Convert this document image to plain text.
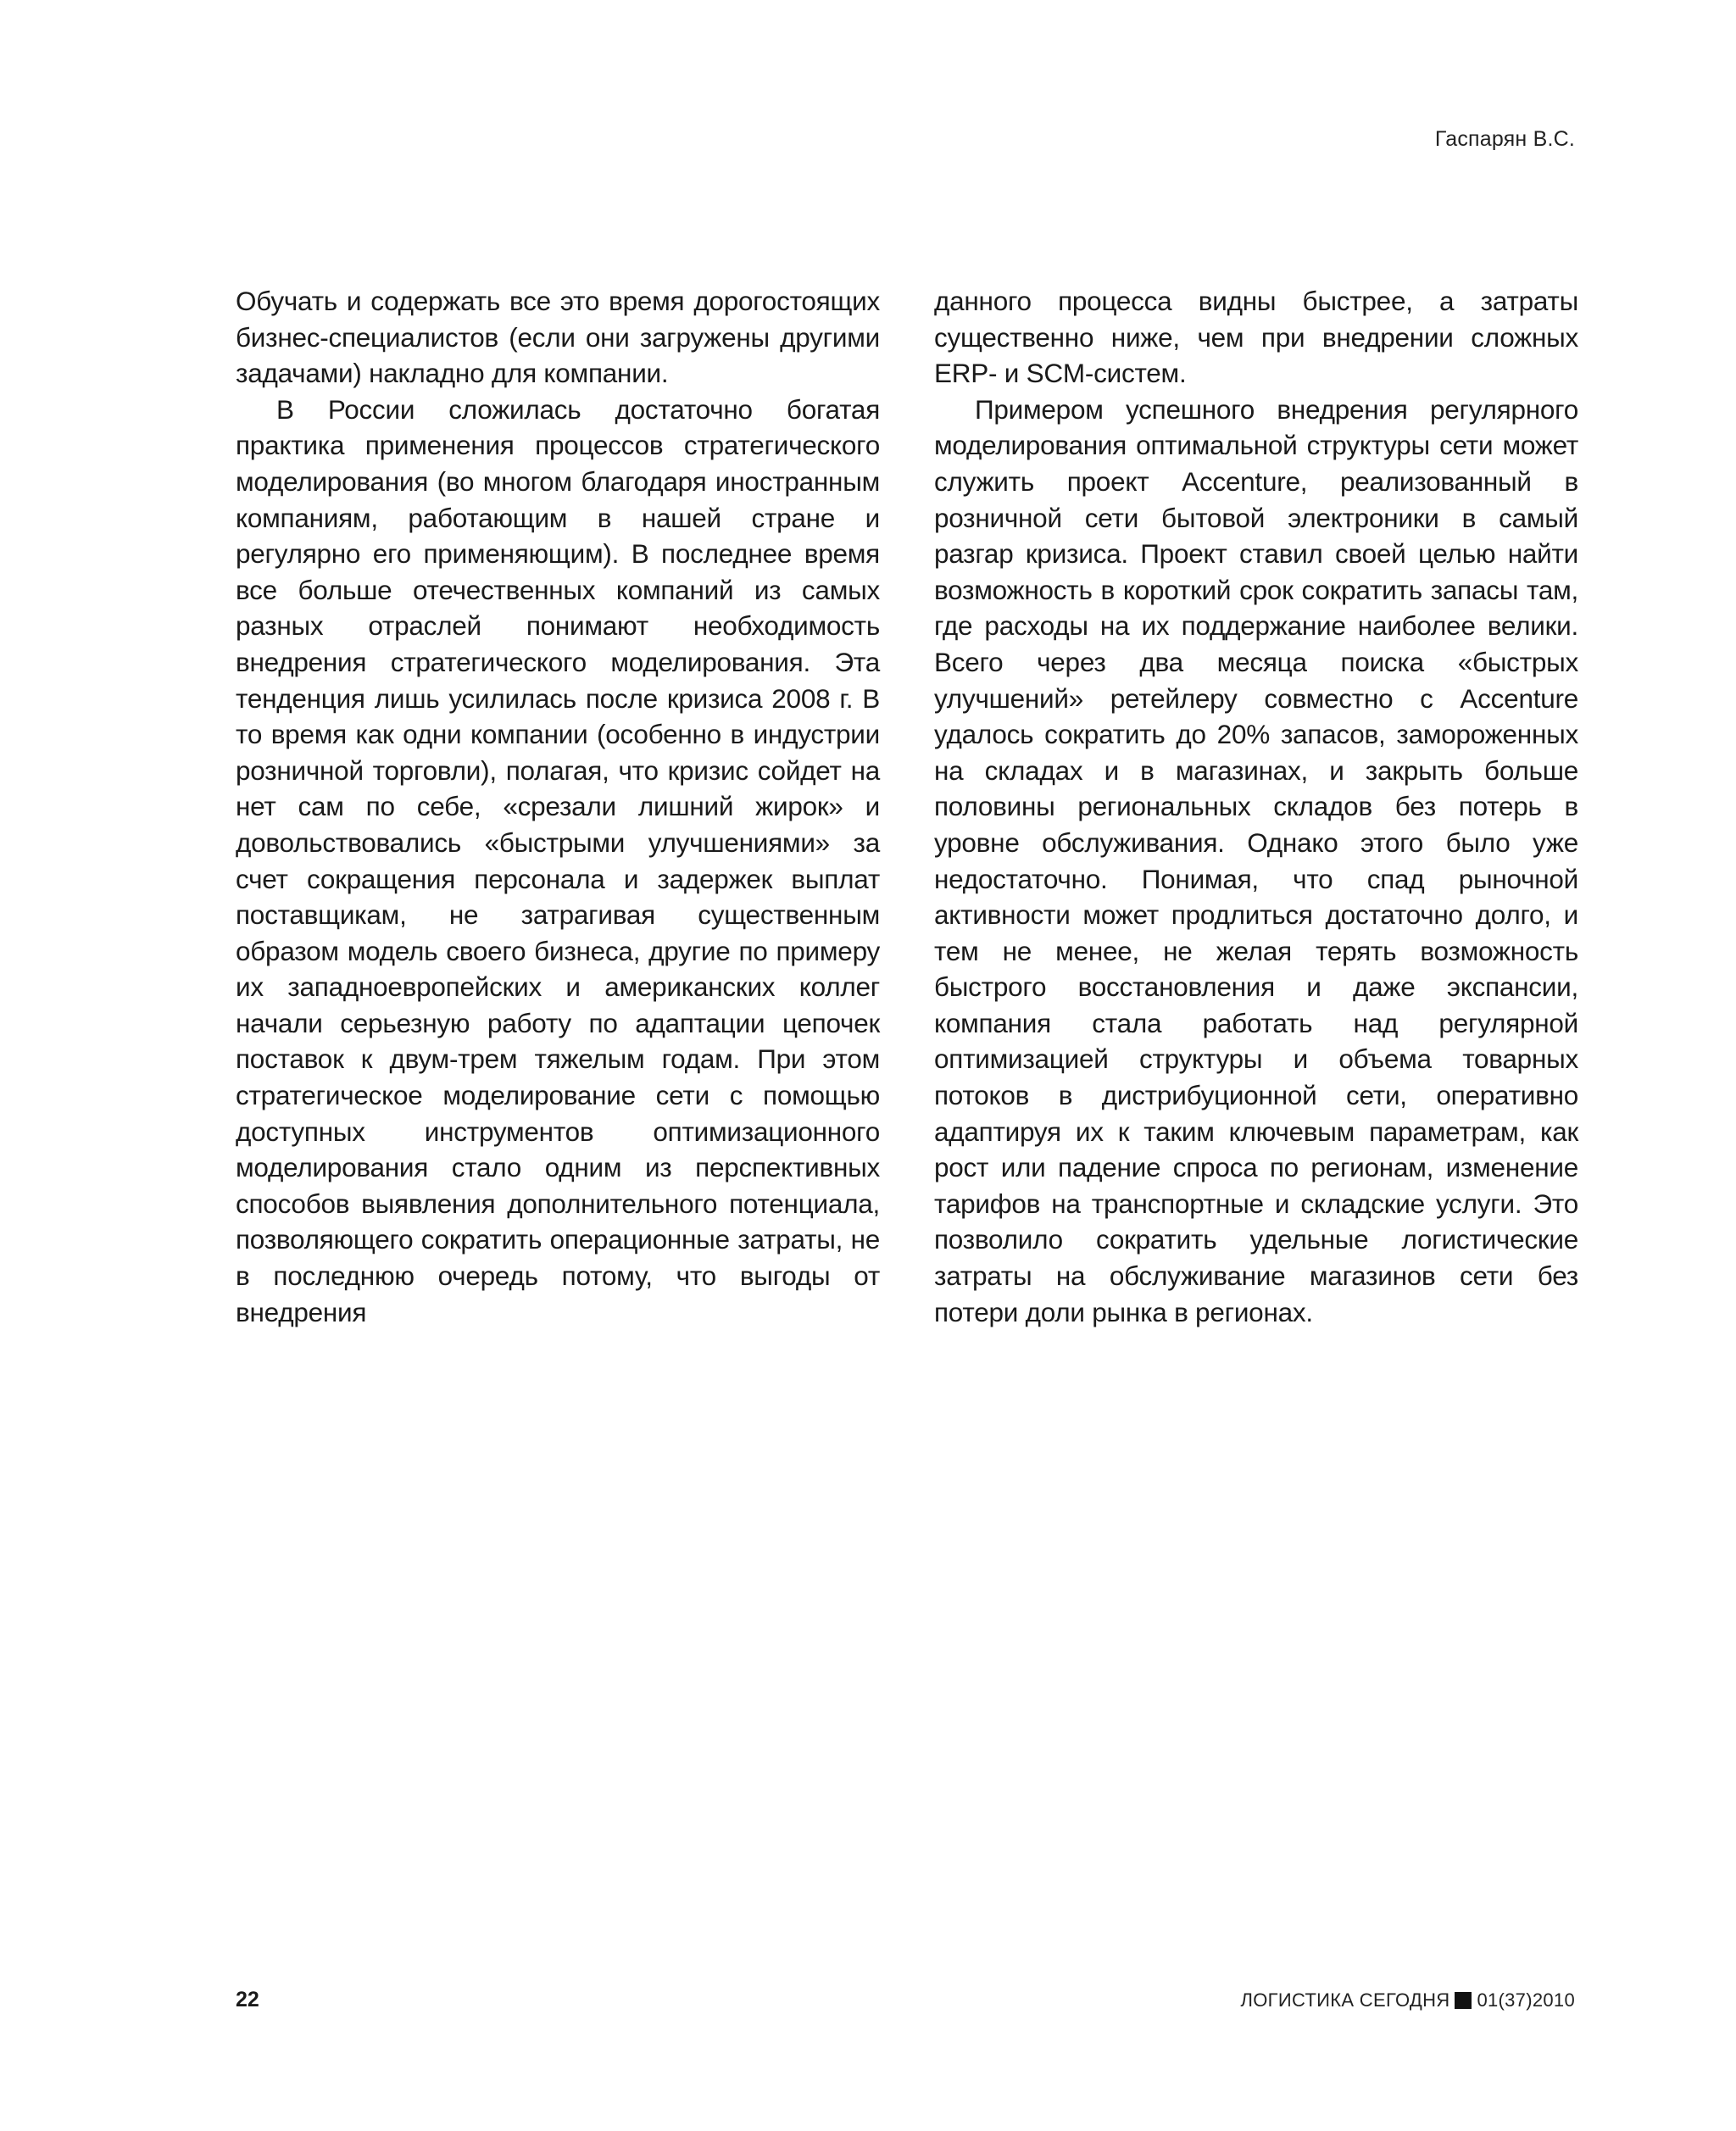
Гаспарян В.С.

Обучать и содержать все это время дорогостоящих бизнес-специалистов (если они загружены другими задачами) накладно для компании.

В России сложилась достаточно богатая практика применения процессов стратегического моделирования (во многом благодаря иностранным компаниям, работающим в нашей стране и регулярно его применяющим). В последнее время все больше отечественных компаний из самых разных отраслей понимают необходимость внедрения стратегического моделирования. Эта тенденция лишь усилилась после кризиса 2008 г. В то время как одни компании (особенно в индустрии розничной торговли), полагая, что кризис сойдет на нет сам по себе, «срезали лишний жирок» и довольствовались «быстрыми улучшениями» за счет сокращения персонала и задержек выплат поставщикам, не затрагивая существенным образом модель своего бизнеса, другие по примеру их западноевропейских и американских коллег начали серьезную работу по адаптации цепочек поставок к двум-трем тяжелым годам. При этом стратегическое моделирование сети с помощью доступных инструментов оптимизационного моделирования стало одним из перспективных способов выявления дополнительного потенциала, позволяющего сократить операционные затраты, не в последнюю очередь потому, что выгоды от внедрения

данного процесса видны быстрее, а затраты существенно ниже, чем при внедрении сложных ERP- и SCM-систем.

Примером успешного внедрения регулярного моделирования оптимальной структуры сети может служить проект Accenture, реализованный в розничной сети бытовой электроники в самый разгар кризиса. Проект ставил своей целью найти возможность в короткий срок сократить запасы там, где расходы на их поддержание наиболее велики. Всего через два месяца поиска «быстрых улучшений» ретейлеру совместно с Accenture удалось сократить до 20% запасов, замороженных на складах и в магазинах, и закрыть больше половины региональных складов без потерь в уровне обслуживания. Однако этого было уже недостаточно. Понимая, что спад рыночной активности может продлиться достаточно долго, и тем не менее, не желая терять возможность быстрого восстановления и даже экспансии, компания стала работать над регулярной оптимизацией структуры и объема товарных потоков в дистрибуционной сети, оперативно адаптируя их к таким ключевым параметрам, как рост или падение спроса по регионам, изменение тарифов на транспортные и складские услуги. Это позволило сократить удельные логистические затраты на обслуживание магазинов сети без потери доли рынка в регионах.

22	ЛОГИСТИКА СЕГОДНЯ 01(37)2010
